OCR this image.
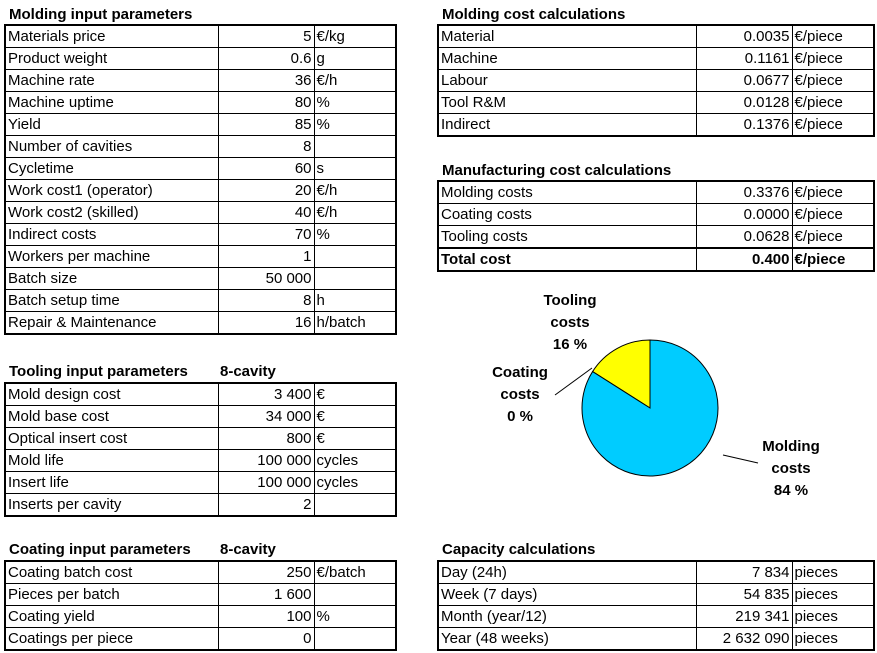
Molding input parameters
Materials price	5	€/kg
Product weight	0.6	g
Machine rate	36	€/h
Machine uptime	80	%
Yield	85	%
Number of cavities	8	
Cycletime	60	s
Work cost1 (operator)	20	€/h
Work cost2 (skilled)	40	€/h
Indirect costs	70	%
Workers per machine	1	
Batch size	50 000	
Batch setup time	8	h
Repair & Maintenance	16	h/batch
Tooling input parameters 8-cavity
Mold design cost	3 400	€
Mold base cost	34 000	€
Optical insert cost	800	€
Mold life	100 000	cycles
Insert life	100 000	cycles
Inserts per cavity	2	
Coating input parameters 8-cavity
Coating batch cost	250	€/batch
Pieces per batch	1 600	
Coating yield	100	%
Coatings per piece	0	
Molding cost calculations
Material	0.0035	€/piece
Machine	0.1161	€/piece
Labour	0.0677	€/piece
Tool R&M	0.0128	€/piece
Indirect	0.1376	€/piece
Manufacturing cost calculations
Molding costs	0.3376	€/piece
Coating costs	0.0000	€/piece
Tooling costs	0.0628	€/piece
Total cost	0.400	€/piece
Tooling
costs
16 %
Coating
costs
0 %
Molding
costs
84 %
Capacity calculations
Day (24h)	7 834	pieces
Week (7 days)	54 835	pieces
Month (year/12)	219 341	pieces
Year (48 weeks)	2 632 090	pieces
